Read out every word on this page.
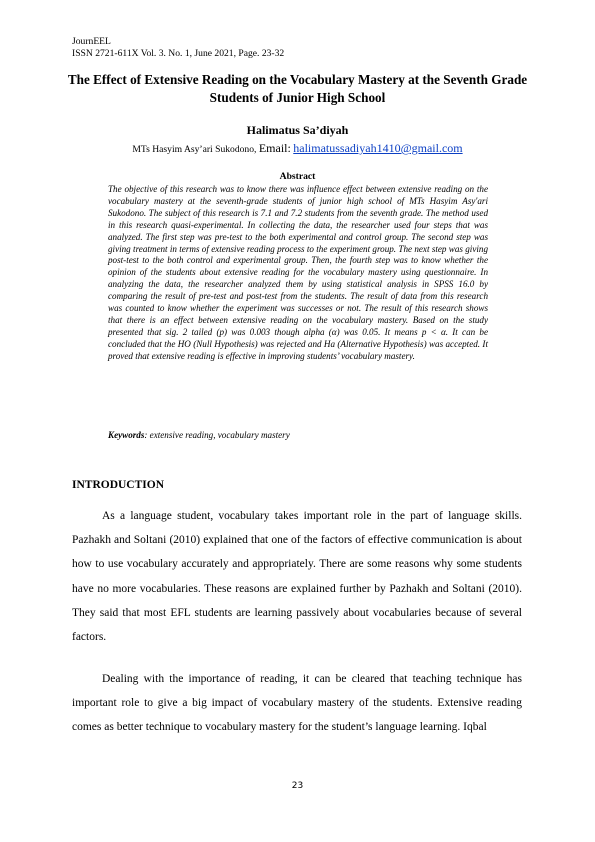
JournEEL
ISSN 2721-611X Vol. 3. No. 1, June 2021, Page. 23-32
The Effect of Extensive Reading on the Vocabulary Mastery at the Seventh Grade Students of Junior High School
Halimatus Sa’diyah
MTs Hasyim Asy’ari Sukodono, Email: halimatussadiyah1410@gmail.com
Abstract

The objective of this research was to know there was influence effect between extensive reading on the vocabulary mastery at the seventh-grade students of junior high school of MTs Hasyim Asy'ari Sukodono. The subject of this research is 7.1 and 7.2 students from the seventh grade. The method used in this research quasi-experimental. In collecting the data, the researcher used four steps that was analyzed. The first step was pre-test to the both experimental and control group. The second step was giving treatment in terms of extensive reading process to the experiment group. The next step was giving post-test to the both control and experimental group. Then, the fourth step was to know whether the opinion of the students about extensive reading for the vocabulary mastery using questionnaire. In analyzing the data, the researcher analyzed them by using statistical analysis in SPSS 16.0 by comparing the result of pre-test and post-test from the students. The result of data from this research was counted to know whether the experiment was successes or not. The result of this research shows that there is an effect between extensive reading on the vocabulary mastery. Based on the study presented that sig. 2 tailed (p) was 0.003 though alpha (α) was 0.05. It means p < α. It can be concluded that the HO (Null Hypothesis) was rejected and Ha (Alternative Hypothesis) was accepted. It proved that extensive reading is effective in improving students’ vocabulary mastery.

Keywords: extensive reading, vocabulary mastery
INTRODUCTION

As a language student, vocabulary takes important role in the part of language skills. Pazhakh and Soltani (2010) explained that one of the factors of effective communication is about how to use vocabulary accurately and appropriately. There are some reasons why some students have no more vocabularies. These reasons are explained further by Pazhakh and Soltani (2010). They said that most EFL students are learning passively about vocabularies because of several factors.

Dealing with the importance of reading, it can be cleared that teaching technique has important role to give a big impact of vocabulary mastery of the students. Extensive reading comes as better technique to vocabulary mastery for the student’s language learning. Iqbal

23
